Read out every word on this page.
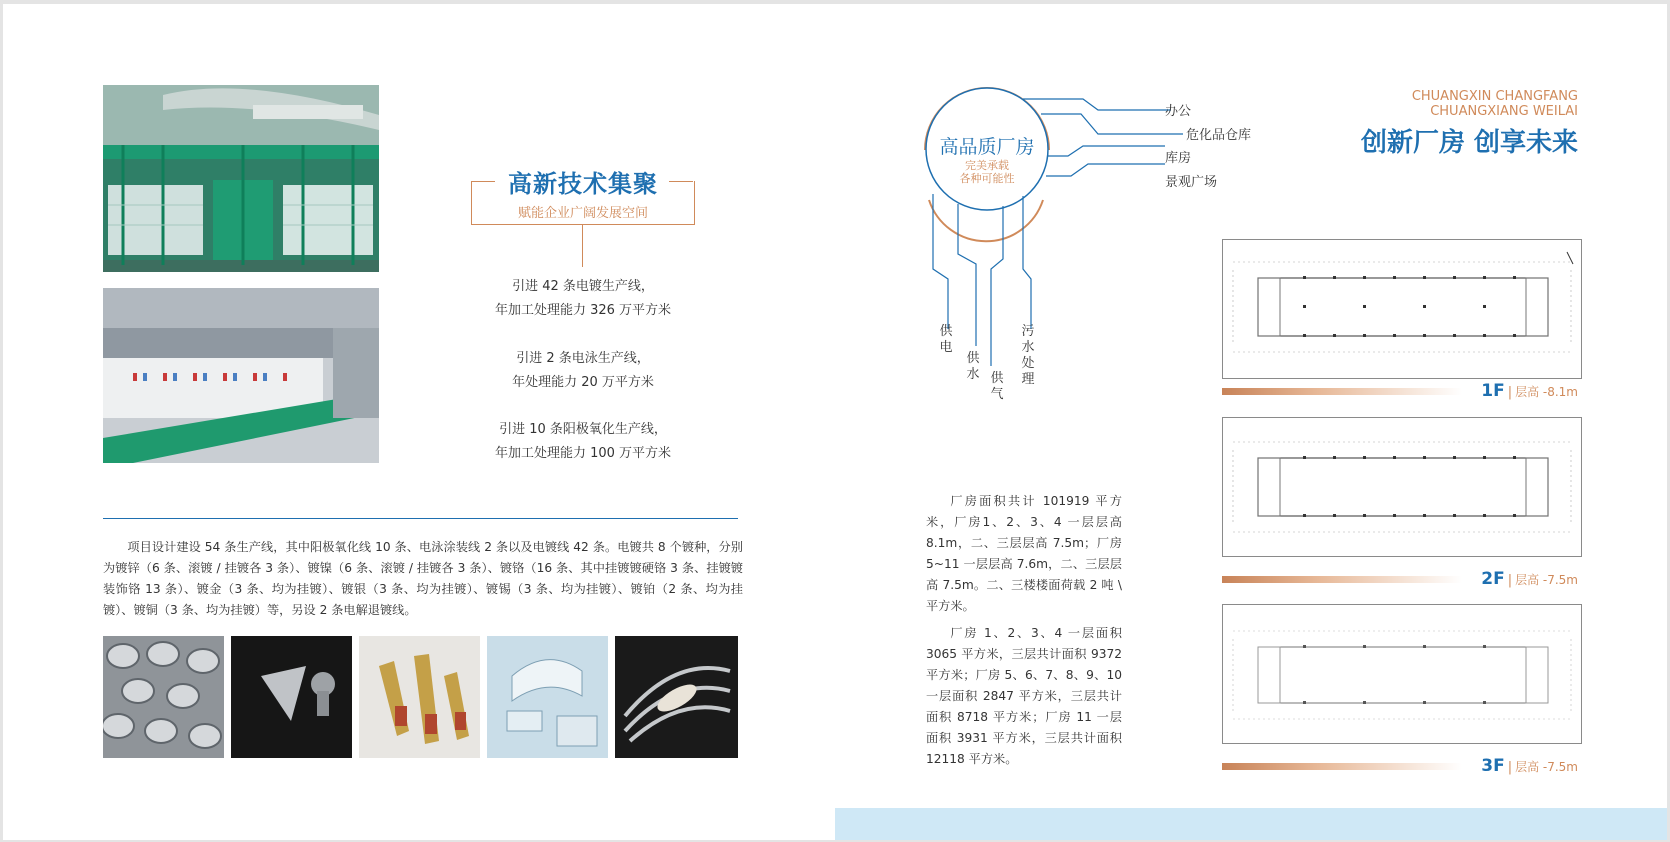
高新技术集聚
赋能企业广阔发展空间
引进 42 条电镀生产线，
年加工处理能力 326 万平方米
引进 2 条电泳生产线，
年处理能力 20 万平方米
引进 10 条阳极氧化生产线，
年加工处理能力 100 万平方米
项目设计建设 54 条生产线，其中阳极氧化线 10 条、电泳涂装线 2 条以及电镀线 42 条。电镀共 8 个镀种，分别为镀锌（6 条、滚镀 / 挂镀各 3 条）、镀镍（6 条、滚镀 / 挂镀各 3 条）、镀铬（16 条、其中挂镀镀硬铬 3 条、挂镀镀装饰铬 13 条）、镀金（3 条、均为挂镀）、镀银（3 条、均为挂镀）、镀锡（3 条、均为挂镀）、镀铂（2 条、均为挂镀）、镀铜（3 条、均为挂镀）等，另设 2 条电解退镀线。
CHUANGXIN CHANGFANG
CHUANGXIANG WEILAI
创新厂房 创享未来
高品质厂房
完美承载
各种可能性
办公
危化品仓库
库房
景观广场
供电
供水 供气
污水处理
厂房面积共计 101919 平方米，厂房1、2、3、4 一层层高 8.1m，二、三层层高 7.5m；厂房 5~11 一层层高 7.6m，二、三层层高 7.5m。二、三楼楼面荷载 2 吨 \ 平方米。
厂房 1、2、3、4 一层面积 3065 平方米，三层共计面积 9372 平方米；厂房 5、6、7、8、9、10 一层面积 2847 平方米，三层共计面积 8718 平方米；厂房 11 一层面积 3931 平方米，三层共计面积 12118 平方米。
1F | 层高 -8.1m
2F | 层高 -7.5m
3F | 层高 -7.5m
